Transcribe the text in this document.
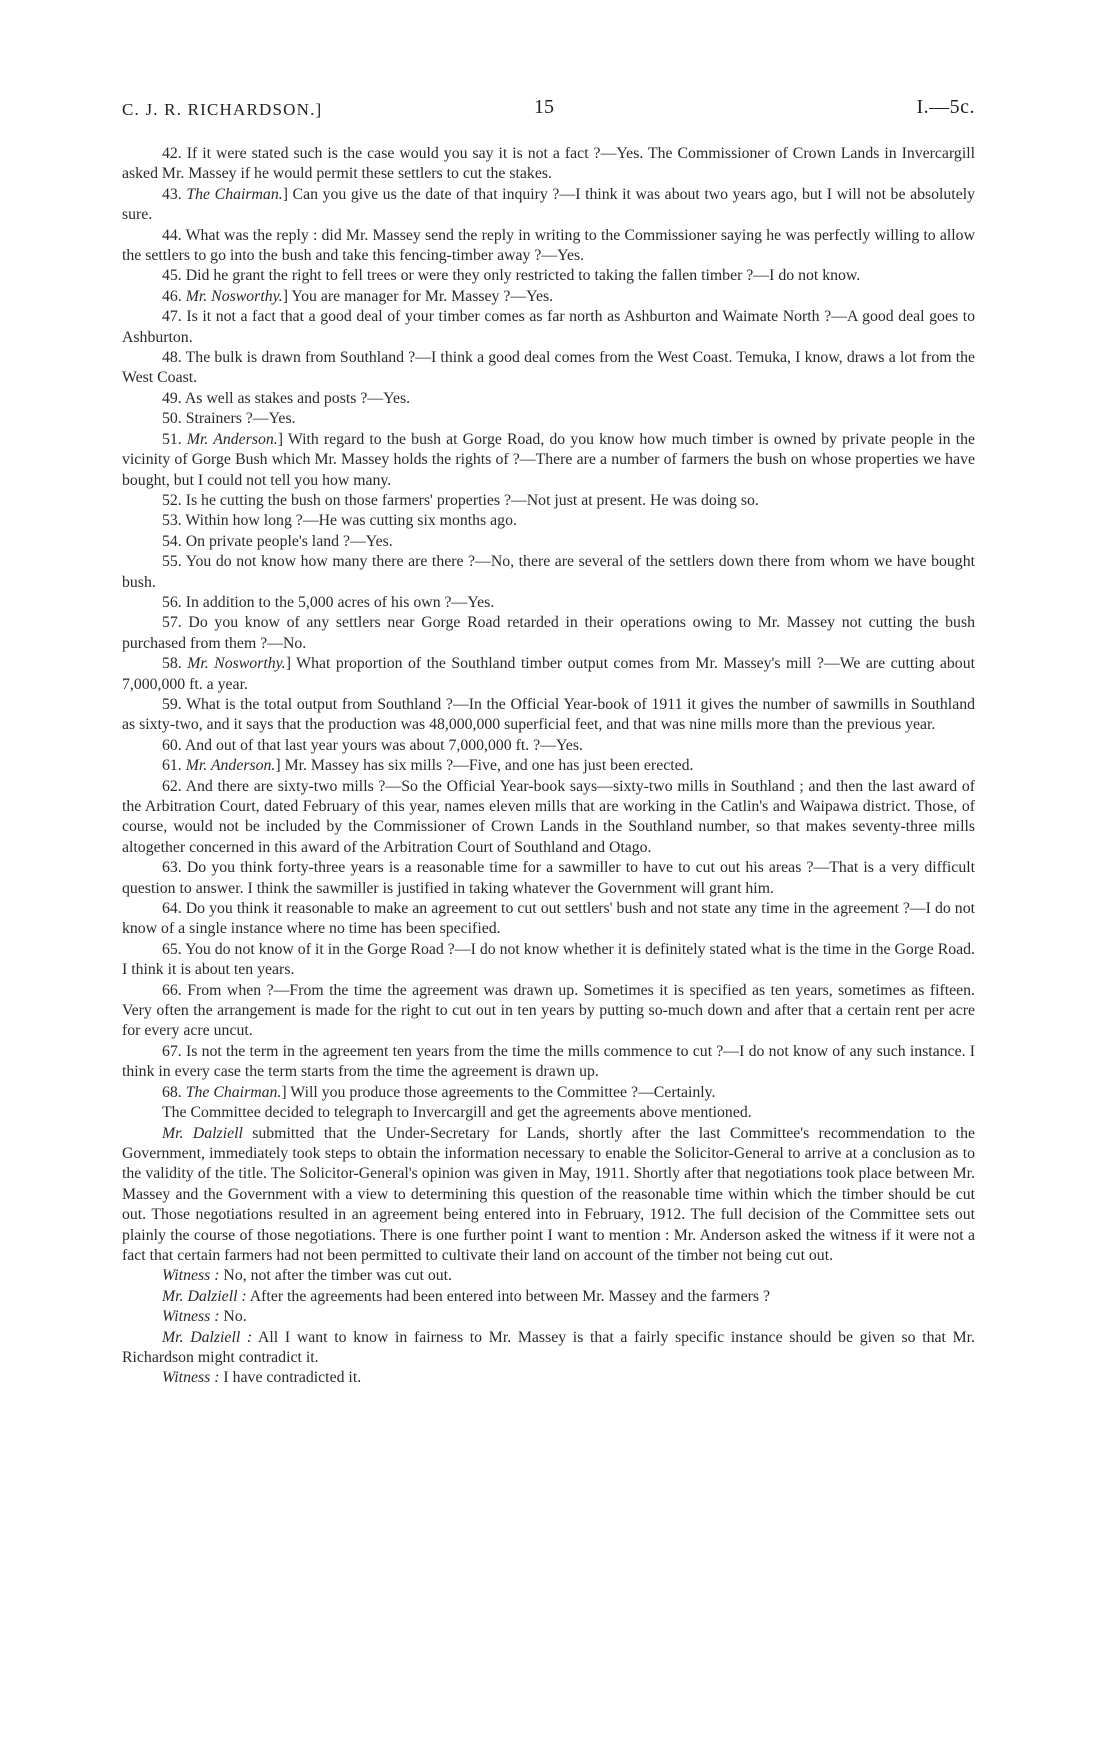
C. J. R. RICHARDSON.]	15	I.—5c.

42. If it were stated such is the case would you say it is not a fact ?—Yes. The Commissioner of Crown Lands in Invercargill asked Mr. Massey if he would permit these settlers to cut the stakes.

43. The Chairman.] Can you give us the date of that inquiry ?—I think it was about two years ago, but I will not be absolutely sure.

44. What was the reply : did Mr. Massey send the reply in writing to the Commissioner saying he was perfectly willing to allow the settlers to go into the bush and take this fencing-timber away ?—Yes.

45. Did he grant the right to fell trees or were they only restricted to taking the fallen timber ?—I do not know.

46. Mr. Nosworthy.] You are manager for Mr. Massey ?—Yes.

47. Is it not a fact that a good deal of your timber comes as far north as Ashburton and Waimate North ?—A good deal goes to Ashburton.

48. The bulk is drawn from Southland ?—I think a good deal comes from the West Coast. Temuka, I know, draws a lot from the West Coast.

49. As well as stakes and posts ?—Yes.

50. Strainers ?—Yes.

51. Mr. Anderson.] With regard to the bush at Gorge Road, do you know how much timber is owned by private people in the vicinity of Gorge Bush which Mr. Massey holds the rights of ?—There are a number of farmers the bush on whose properties we have bought, but I could not tell you how many.

52. Is he cutting the bush on those farmers' properties ?—Not just at present. He was doing so.

53. Within how long ?—He was cutting six months ago.

54. On private people's land ?—Yes.

55. You do not know how many there are there ?—No, there are several of the settlers down there from whom we have bought bush.

56. In addition to the 5,000 acres of his own ?—Yes.

57. Do you know of any settlers near Gorge Road retarded in their operations owing to Mr. Massey not cutting the bush purchased from them ?—No.

58. Mr. Nosworthy.] What proportion of the Southland timber output comes from Mr. Massey's mill ?—We are cutting about 7,000,000 ft. a year.

59. What is the total output from Southland ?—In the Official Year-book of 1911 it gives the number of sawmills in Southland as sixty-two, and it says that the production was 48,000,000 superficial feet, and that was nine mills more than the previous year.

60. And out of that last year yours was about 7,000,000 ft. ?—Yes.

61. Mr. Anderson.] Mr. Massey has six mills ?—Five, and one has just been erected.

62. And there are sixty-two mills ?—So the Official Year-book says—sixty-two mills in Southland ; and then the last award of the Arbitration Court, dated February of this year, names eleven mills that are working in the Catlin's and Waipawa district. Those, of course, would not be included by the Commissioner of Crown Lands in the Southland number, so that makes seventy-three mills altogether concerned in this award of the Arbitration Court of Southland and Otago.

63. Do you think forty-three years is a reasonable time for a sawmiller to have to cut out his areas ?—That is a very difficult question to answer. I think the sawmiller is justified in taking whatever the Government will grant him.

64. Do you think it reasonable to make an agreement to cut out settlers' bush and not state any time in the agreement ?—I do not know of a single instance where no time has been specified.

65. You do not know of it in the Gorge Road ?—I do not know whether it is definitely stated what is the time in the Gorge Road. I think it is about ten years.

66. From when ?—From the time the agreement was drawn up. Sometimes it is specified as ten years, sometimes as fifteen. Very often the arrangement is made for the right to cut out in ten years by putting so-much down and after that a certain rent per acre for every acre uncut.

67. Is not the term in the agreement ten years from the time the mills commence to cut ?—I do not know of any such instance. I think in every case the term starts from the time the agreement is drawn up.

68. The Chairman.] Will you produce those agreements to the Committee ?—Certainly.

The Committee decided to telegraph to Invercargill and get the agreements above mentioned.

Mr. Dalziell submitted that the Under-Secretary for Lands, shortly after the last Committee's recommendation to the Government, immediately took steps to obtain the information necessary to enable the Solicitor-General to arrive at a conclusion as to the validity of the title. The Solicitor-General's opinion was given in May, 1911. Shortly after that negotiations took place between Mr. Massey and the Government with a view to determining this question of the reasonable time within which the timber should be cut out. Those negotiations resulted in an agreement being entered into in February, 1912. The full decision of the Committee sets out plainly the course of those negotiations. There is one further point I want to mention : Mr. Anderson asked the witness if it were not a fact that certain farmers had not been permitted to cultivate their land on account of the timber not being cut out.

Witness : No, not after the timber was cut out.

Mr. Dalziell : After the agreements had been entered into between Mr. Massey and the farmers ?

Witness : No.

Mr. Dalziell : All I want to know in fairness to Mr. Massey is that a fairly specific instance should be given so that Mr. Richardson might contradict it.

Witness : I have contradicted it.
